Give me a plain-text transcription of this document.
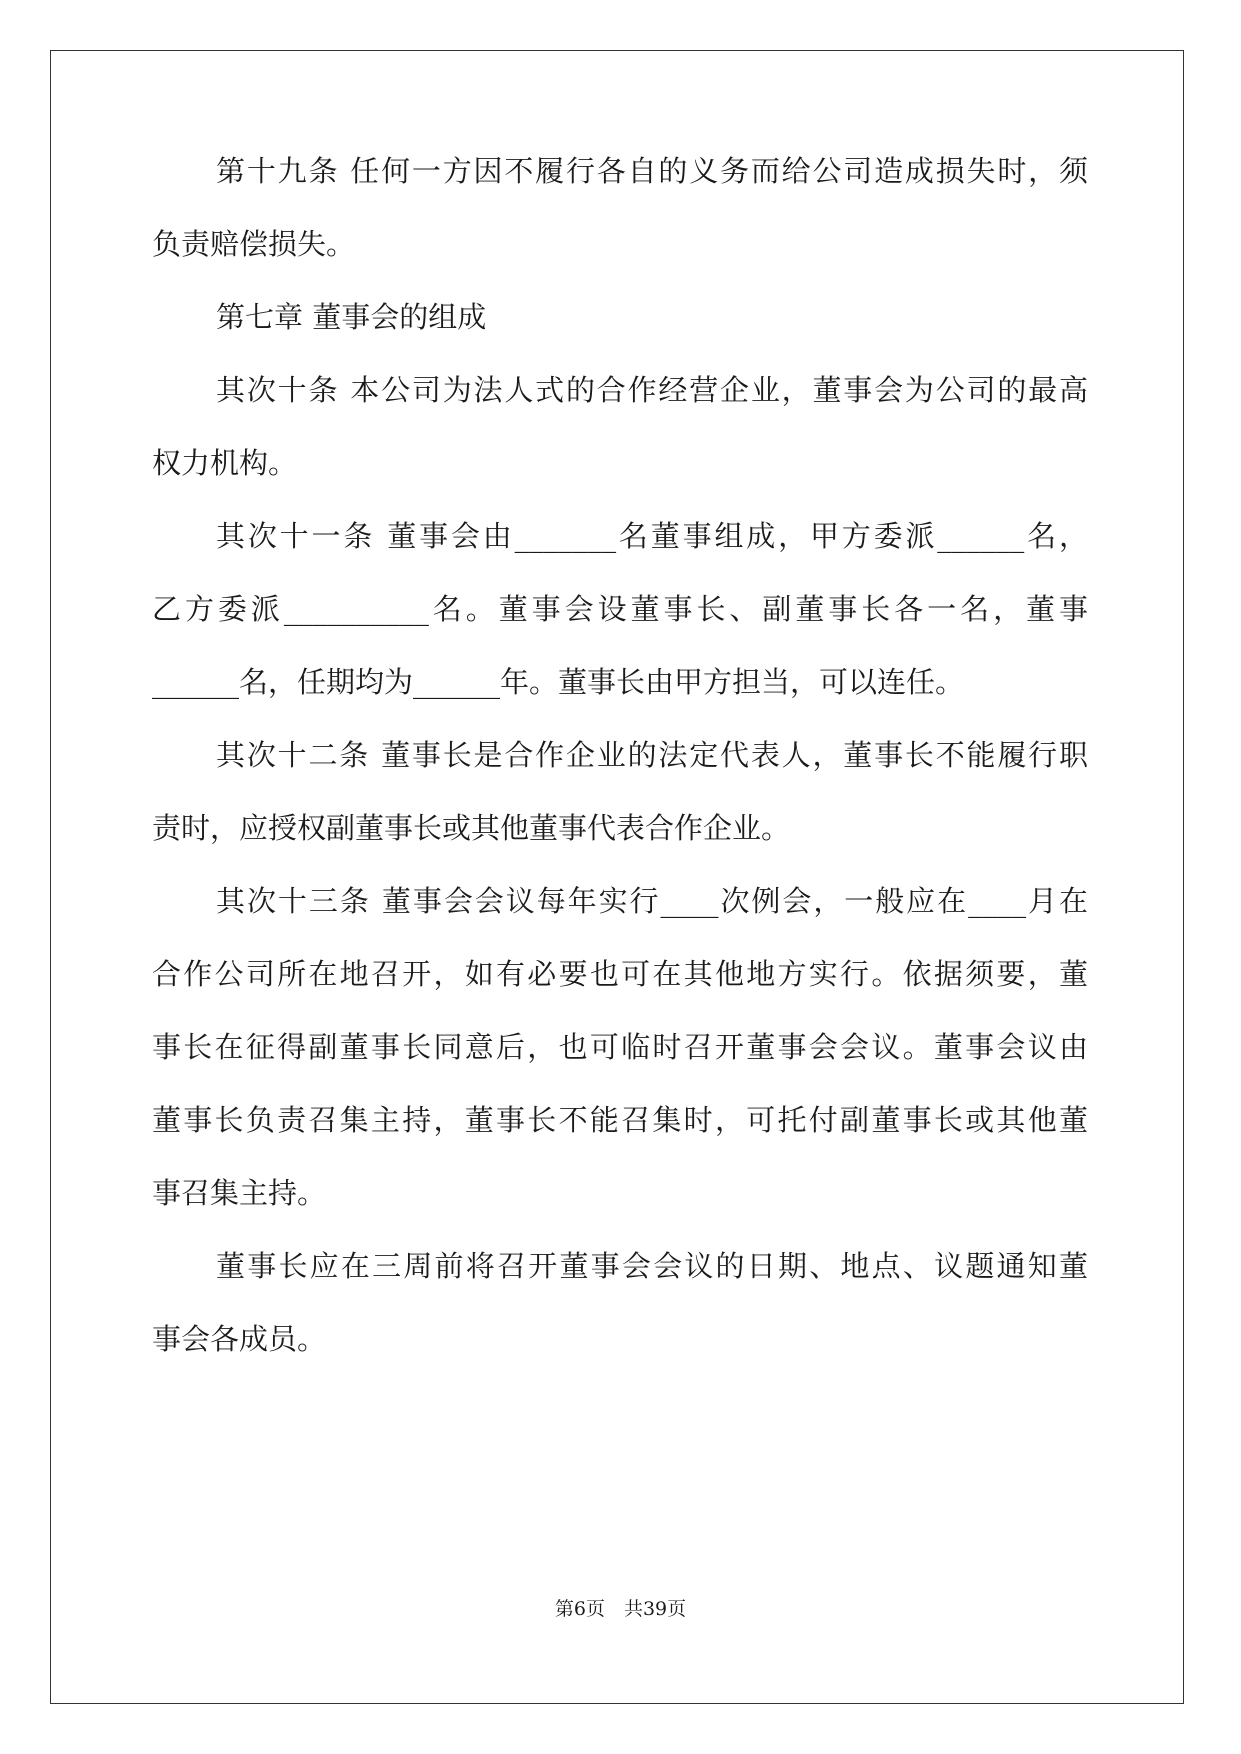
第十九条 任何一方因不履行各自的义务而给公司造成损失时，须
负责赔偿损失。
第七章 董事会的组成
其次十条 本公司为法人式的合作经营企业，董事会为公司的最高
权力机构。
其次十一条 董事会由_______名董事组成，甲方委派______名，
乙方委派__________名。董事会设董事长、副董事长各一名，董事
______名，任期均为______年。董事长由甲方担当，可以连任。
其次十二条 董事长是合作企业的法定代表人，董事长不能履行职
责时，应授权副董事长或其他董事代表合作企业。
其次十三条 董事会会议每年实行____次例会，一般应在____月在
合作公司所在地召开，如有必要也可在其他地方实行。依据须要，董
事长在征得副董事长同意后，也可临时召开董事会会议。董事会议由
董事长负责召集主持，董事长不能召集时，可托付副董事长或其他董
事召集主持。
董事长应在三周前将召开董事会会议的日期、地点、议题通知董
事会各成员。
第6页　共39页
